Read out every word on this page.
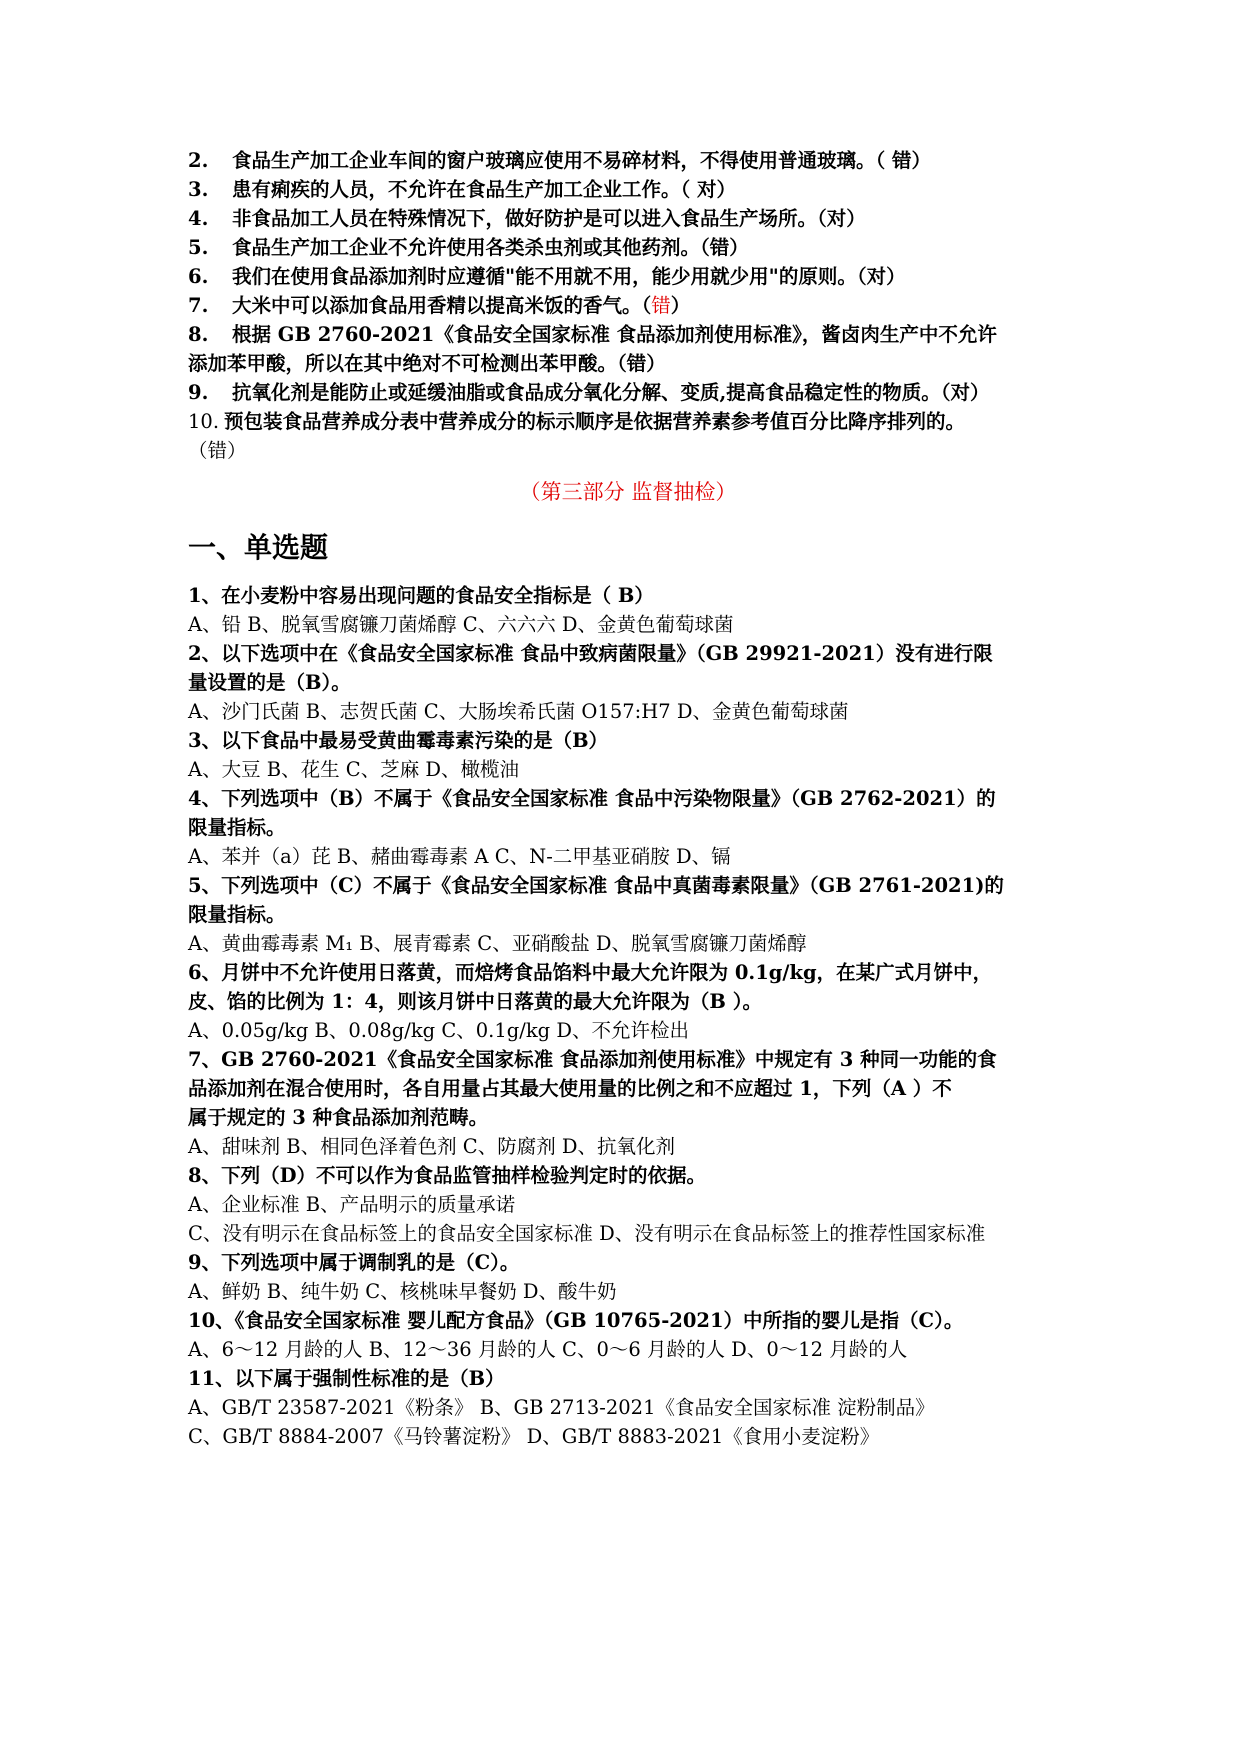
2. 食品生产加工企业车间的窗户玻璃应使用不易碎材料，不得使用普通玻璃。（ 错）
3. 患有痢疾的人员，不允许在食品生产加工企业工作。（ 对）
4. 非食品加工人员在特殊情况下，做好防护是可以进入食品生产场所。（对）
5. 食品生产加工企业不允许使用各类杀虫剂或其他药剂。（错）
6. 我们在使用食品添加剂时应遵循"能不用就不用，能少用就少用"的原则。（对）
7. 大米中可以添加食品用香精以提高米饭的香气。（错）
8. 根据 GB 2760-2021《食品安全国家标准 食品添加剂使用标准》，酱卤肉生产中不允许
添加苯甲酸，所以在其中绝对不可检测出苯甲酸。（错）
9. 抗氧化剂是能防止或延缓油脂或食品成分氧化分解、变质,提高食品稳定性的物质。（对）
10. 预包装食品营养成分表中营养成分的标示顺序是依据营养素参考值百分比降序排列的。
（错）
（第三部分 监督抽检）
一、单选题
1、在小麦粉中容易出现问题的食品安全指标是（ B）
A、铅 B、脱氧雪腐镰刀菌烯醇 C、六六六 D、金黄色葡萄球菌
2、以下选项中在《食品安全国家标准 食品中致病菌限量》（GB 29921-2021）没有进行限
量设置的是（B）。
A、沙门氏菌 B、志贺氏菌 C、大肠埃希氏菌 O157:H7 D、金黄色葡萄球菌
3、以下食品中最易受黄曲霉毒素污染的是（B）
A、大豆 B、花生 C、芝麻 D、橄榄油
4、下列选项中（B）不属于《食品安全国家标准 食品中污染物限量》（GB 2762-2021）的
限量指标。
A、苯并（a）芘 B、赭曲霉毒素 A C、N-二甲基亚硝胺 D、镉
5、下列选项中（C）不属于《食品安全国家标准 食品中真菌毒素限量》（GB 2761-2021)的
限量指标。
A、黄曲霉毒素 M₁ B、展青霉素 C、亚硝酸盐 D、脱氧雪腐镰刀菌烯醇
6、月饼中不允许使用日落黄，而焙烤食品馅料中最大允许限为 0.1g/kg，在某广式月饼中，
皮、馅的比例为 1：4，则该月饼中日落黄的最大允许限为（B ）。
A、0.05g/kg B、0.08g/kg C、0.1g/kg D、不允许检出
7、GB 2760-2021《食品安全国家标准 食品添加剂使用标准》中规定有 3 种同一功能的食
品添加剂在混合使用时，各自用量占其最大使用量的比例之和不应超过 1，下列（A ）不
属于规定的 3 种食品添加剂范畴。
A、甜味剂 B、相同色泽着色剂 C、防腐剂 D、抗氧化剂
8、下列（D）不可以作为食品监管抽样检验判定时的依据。
A、企业标准 B、产品明示的质量承诺
C、没有明示在食品标签上的食品安全国家标准 D、没有明示在食品标签上的推荐性国家标准
9、下列选项中属于调制乳的是（C）。
A、鲜奶 B、纯牛奶 C、核桃味早餐奶 D、酸牛奶
10、《食品安全国家标准 婴儿配方食品》（GB 10765-2021）中所指的婴儿是指（C）。
A、6～12 月龄的人 B、12～36 月龄的人 C、0～6 月龄的人 D、0～12 月龄的人
11、以下属于强制性标准的是（B）
A、GB/T 23587-2021《粉条》 B、GB 2713-2021《食品安全国家标准 淀粉制品》
C、GB/T 8884-2007《马铃薯淀粉》 D、GB/T 8883-2021《食用小麦淀粉》
